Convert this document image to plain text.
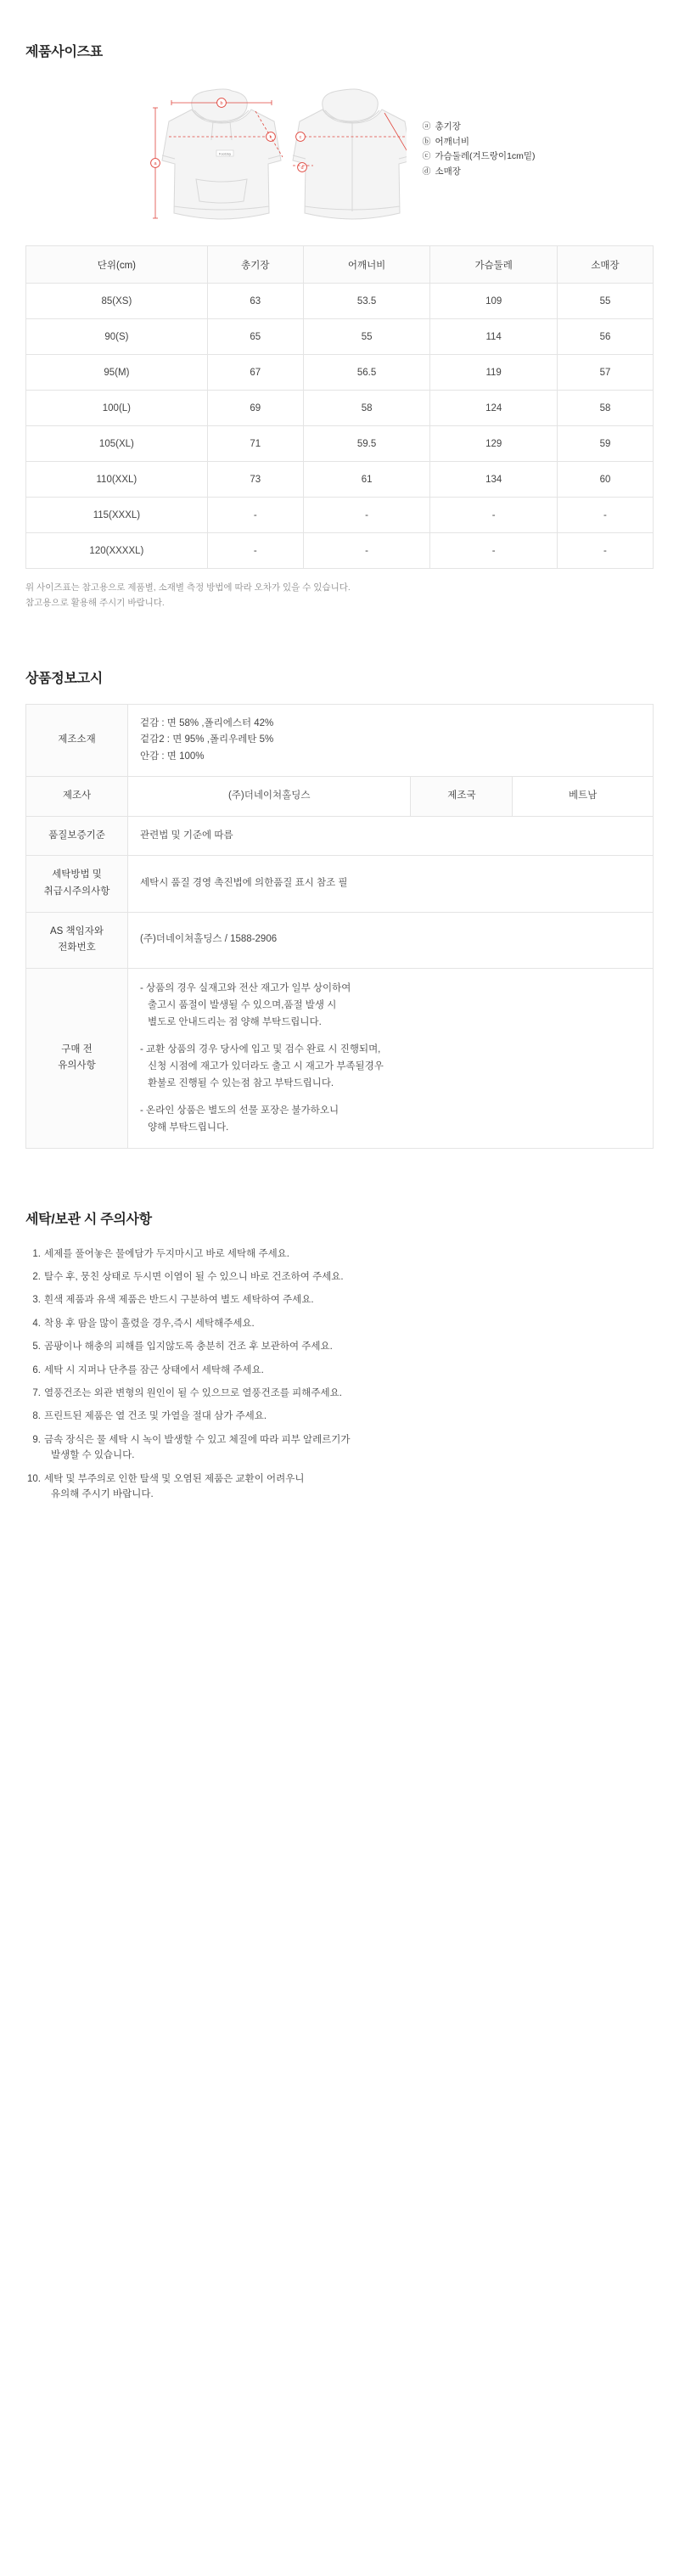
제품사이즈표
FootJoy
a
b
c	c
d
ⓐ 총기장
ⓑ 어깨너비
ⓒ 가슴둘레(겨드랑이1cm밑)
ⓓ 소매장
단위(cm)	총기장	어깨너비	가슴둘레	소매장
85(XS)	63	53.5	109	55
90(S)	65	55	114	56
95(M)	67	56.5	119	57
100(L)	69	58	124	58
105(XL)	71	59.5	129	59
110(XXL)	73	61	134	60
115(XXXL)	-	-	-	-
120(XXXXL)	-	-	-	-
위 사이즈표는 참고용으로 제품별, 소재별 측정 방법에 따라 오차가 있을 수 있습니다.
참고용으로 활용해 주시기 바랍니다.
상품정보고시
제조소재	겉감 : 면 58% ,폴리에스터 42%
겉감2 : 면 95% ,폴리우레탄 5%
안감 : 면 100%		

제조사	(주)더네이쳐홀딩스	제조국	베트남
품질보증기준	관련법 및 기준에 따름		

세탁방법 및
취급시주의사항	세탁시 품질 경영 촉진법에 의한품질 표시 참조 필		

AS 책임자와
전화번호	(주)더네이쳐홀딩스 / 1588-2906		

구매 전
유의사항

- 상품의 경우 실재고와 전산 재고가 일부 상이하여
출고시 품절이 발생될 수 있으며,품절 발생 시
별도로 안내드리는 점 양해 부탁드립니다.

- 교환 상품의 경우 당사에 입고 및 검수 완료 시 진행되며,
신청 시점에 재고가 있더라도 출고 시 재고가 부족될경우
환불로 진행될 수 있는점 참고 부탁드립니다.

- 온라인 상품은 별도의 선물 포장은 불가하오니
양해 부탁드립니다.

세탁/보관 시 주의사항
1. 세제를 풀어놓은 물에담가 두지마시고 바로 세탁해 주세요.
2. 탈수 후, 뭉친 상태로 두시면 이염이 될 수 있으니 바로 건조하여 주세요.
3. 흰색 제품과 유색 제품은 반드시 구분하여 별도 세탁하여 주세요.
4. 착용 후 땀을 많이 흘렸을 경우,즉시 세탁해주세요.
5. 곰팡이나 해충의 피해를 입지않도록 충분히 건조 후 보관하여 주세요.
6. 세탁 시 지퍼나 단추를 잠근 상태에서 세탁해 주세요.
7. 열풍건조는 외관 변형의 원인이 될 수 있으므로 열풍건조를 피해주세요.
8. 프린트된 제품은 열 건조 및 가열을 절대 삼가 주세요.
9. 금속 장식은 물 세탁 시 녹이 발생할 수 있고 체질에 따라 피부 알레르기가
발생할 수 있습니다.
10. 세탁 및 부주의로 인한 탈색 및 오염된 제품은 교환이 어려우니
유의해 주시기 바랍니다.
